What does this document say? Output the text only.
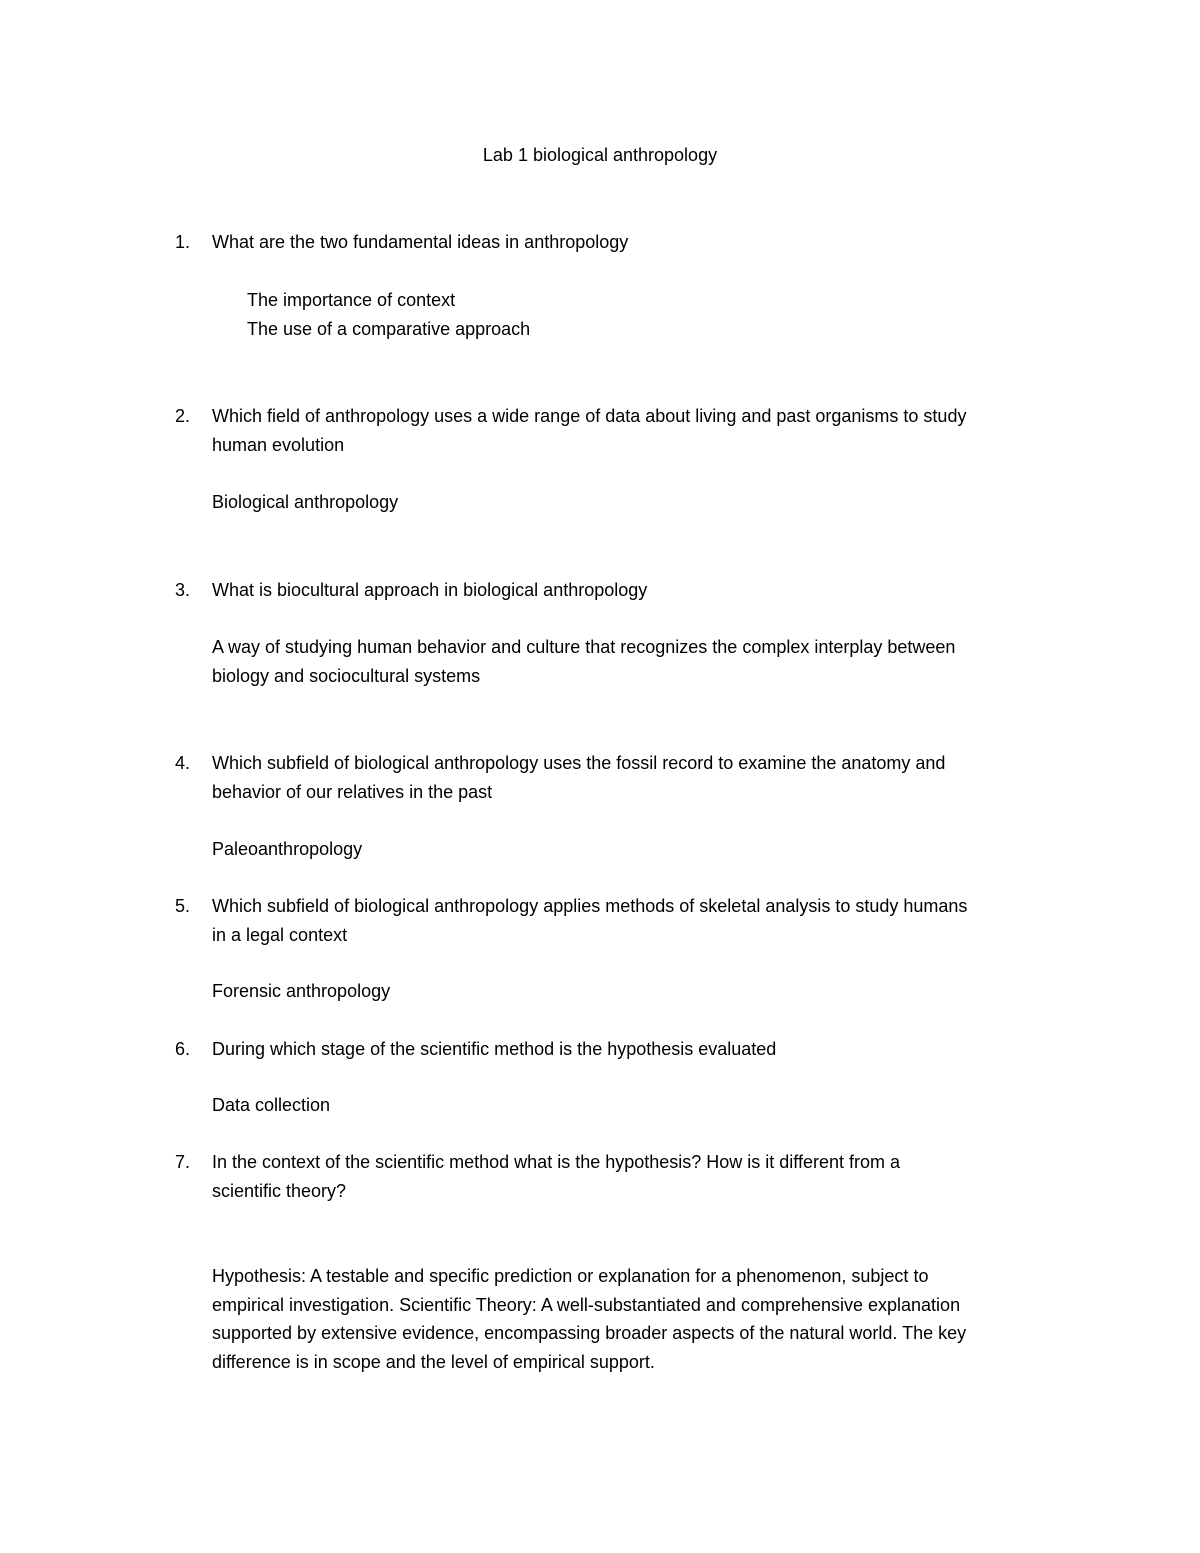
Lab 1 biological anthropology
1.	What are the two fundamental ideas in anthropology
The importance of context
The use of a comparative approach
2.	Which field of anthropology uses a wide range of data about living and past organisms to study
human evolution
Biological anthropology
3.	What is biocultural approach in biological anthropology
A way of studying human behavior and culture that recognizes the complex interplay between
biology and sociocultural systems
4.	Which subfield of biological anthropology uses the fossil record to examine the anatomy and
behavior of our relatives in the past
Paleoanthropology
5.	Which subfield of biological anthropology applies methods of skeletal analysis to study humans
in a legal context
Forensic anthropology
6.	During which stage of the scientific method is the hypothesis evaluated
Data collection
7.	In the context of the scientific method what is the hypothesis? How is it different from a
scientific theory?
Hypothesis: A testable and specific prediction or explanation for a phenomenon, subject to
empirical investigation. Scientific Theory: A well-substantiated and comprehensive explanation
supported by extensive evidence, encompassing broader aspects of the natural world. The key
difference is in scope and the level of empirical support.
